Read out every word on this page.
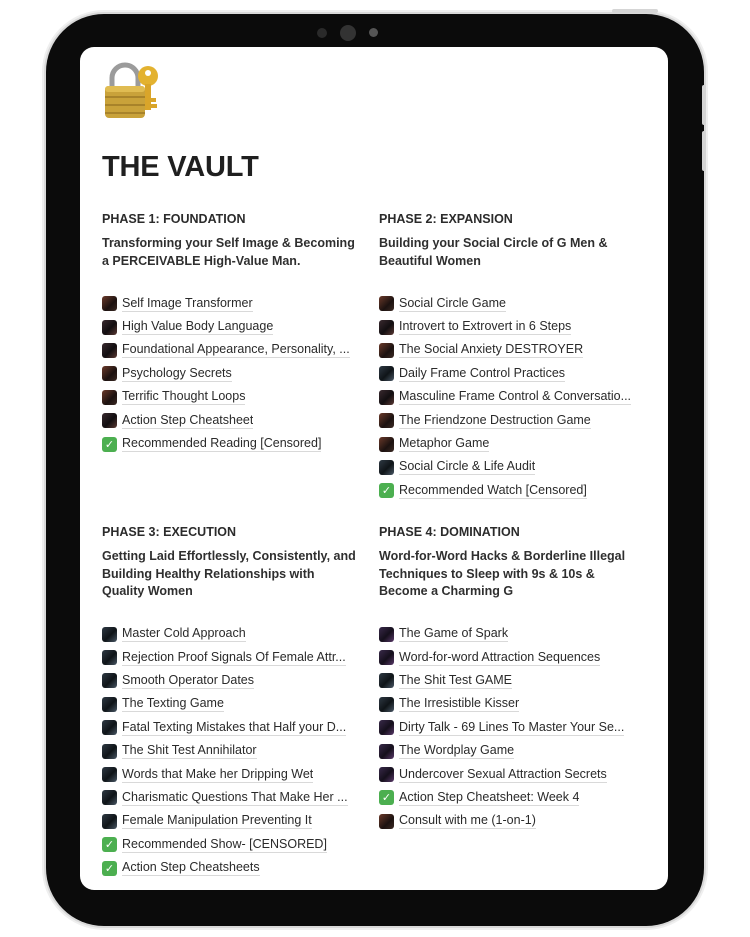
THE VAULT
PHASE 1: FOUNDATION
Transforming your Self Image & Becoming a PERCEIVABLE High-Value Man.
Self Image Transformer
High Value Body Language
Foundational Appearance, Personality, ...
Psychology Secrets
Terrific Thought Loops
Action Step Cheatsheet
✓ Recommended Reading [Censored]
PHASE 2: EXPANSION
Building your Social Circle of G Men & Beautiful Women
Social Circle Game
Introvert to Extrovert in 6 Steps
The Social Anxiety DESTROYER
Daily Frame Control Practices
Masculine Frame Control & Conversatio...
The Friendzone Destruction Game
Metaphor Game
Social Circle & Life Audit
✓ Recommended Watch [Censored]
PHASE 3: EXECUTION
Getting Laid Effortlessly, Consistently, and Building Healthy Relationships with Quality Women
Master Cold Approach
Rejection Proof Signals Of Female Attr...
Smooth Operator Dates
The Texting Game
Fatal Texting Mistakes that Half your D...
The Shit Test Annihilator
Words that Make her Dripping Wet
Charismatic Questions That Make Her ...
Female Manipulation Preventing It
✓ Recommended Show- [CENSORED]
✓ Action Step Cheatsheets
PHASE 4: DOMINATION
Word-for-Word Hacks & Borderline Illegal Techniques to Sleep with 9s & 10s & Become a Charming G
The Game of Spark
Word-for-word Attraction Sequences
The Shit Test GAME
The Irresistible Kisser
Dirty Talk - 69 Lines To Master Your Se...
The Wordplay Game
Undercover Sexual Attraction Secrets
✓ Action Step Cheatsheet: Week 4
Consult with me (1-on-1)
